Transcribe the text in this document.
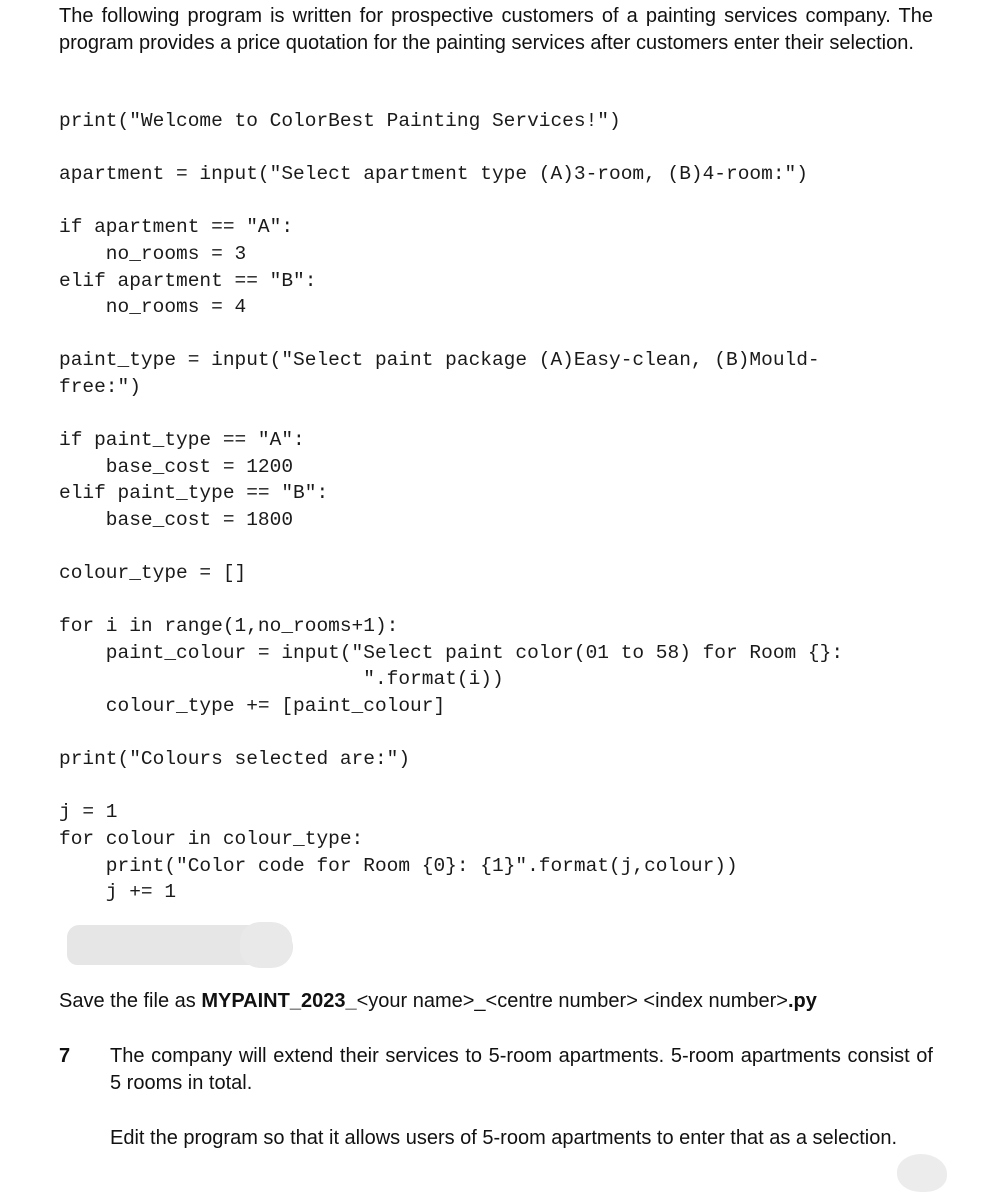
The following program is written for prospective customers of a painting services company. The program provides a price quotation for the painting services after customers enter their selection.
print("Welcome to ColorBest Painting Services!")
apartment = input("Select apartment type (A)3-room, (B)4-room:")
if apartment == "A":
no_rooms = 3
elif apartment == "B":
no_rooms = 4
paint_type = input("Select paint package (A)Easy-clean, (B)Mould-
free:")
if paint_type == "A":
base_cost = 1200
elif paint_type == "B":
base_cost = 1800
colour_type = []
for i in range(1,no_rooms+1):
paint_colour = input("Select paint color(01 to 58) for Room {}:
".format(i))
colour_type += [paint_colour]
print("Colours selected are:")
j = 1
for colour in colour_type:
print("Color code for Room {0}: {1}".format(j,colour))
j += 1
Save the file as MYPAINT_2023_<your name>_<centre number> <index number>.py
7 The company will extend their services to 5-room apartments. 5-room apartments consist of 5 rooms in total.
Edit the program so that it allows users of 5-room apartments to enter that as a selection.
